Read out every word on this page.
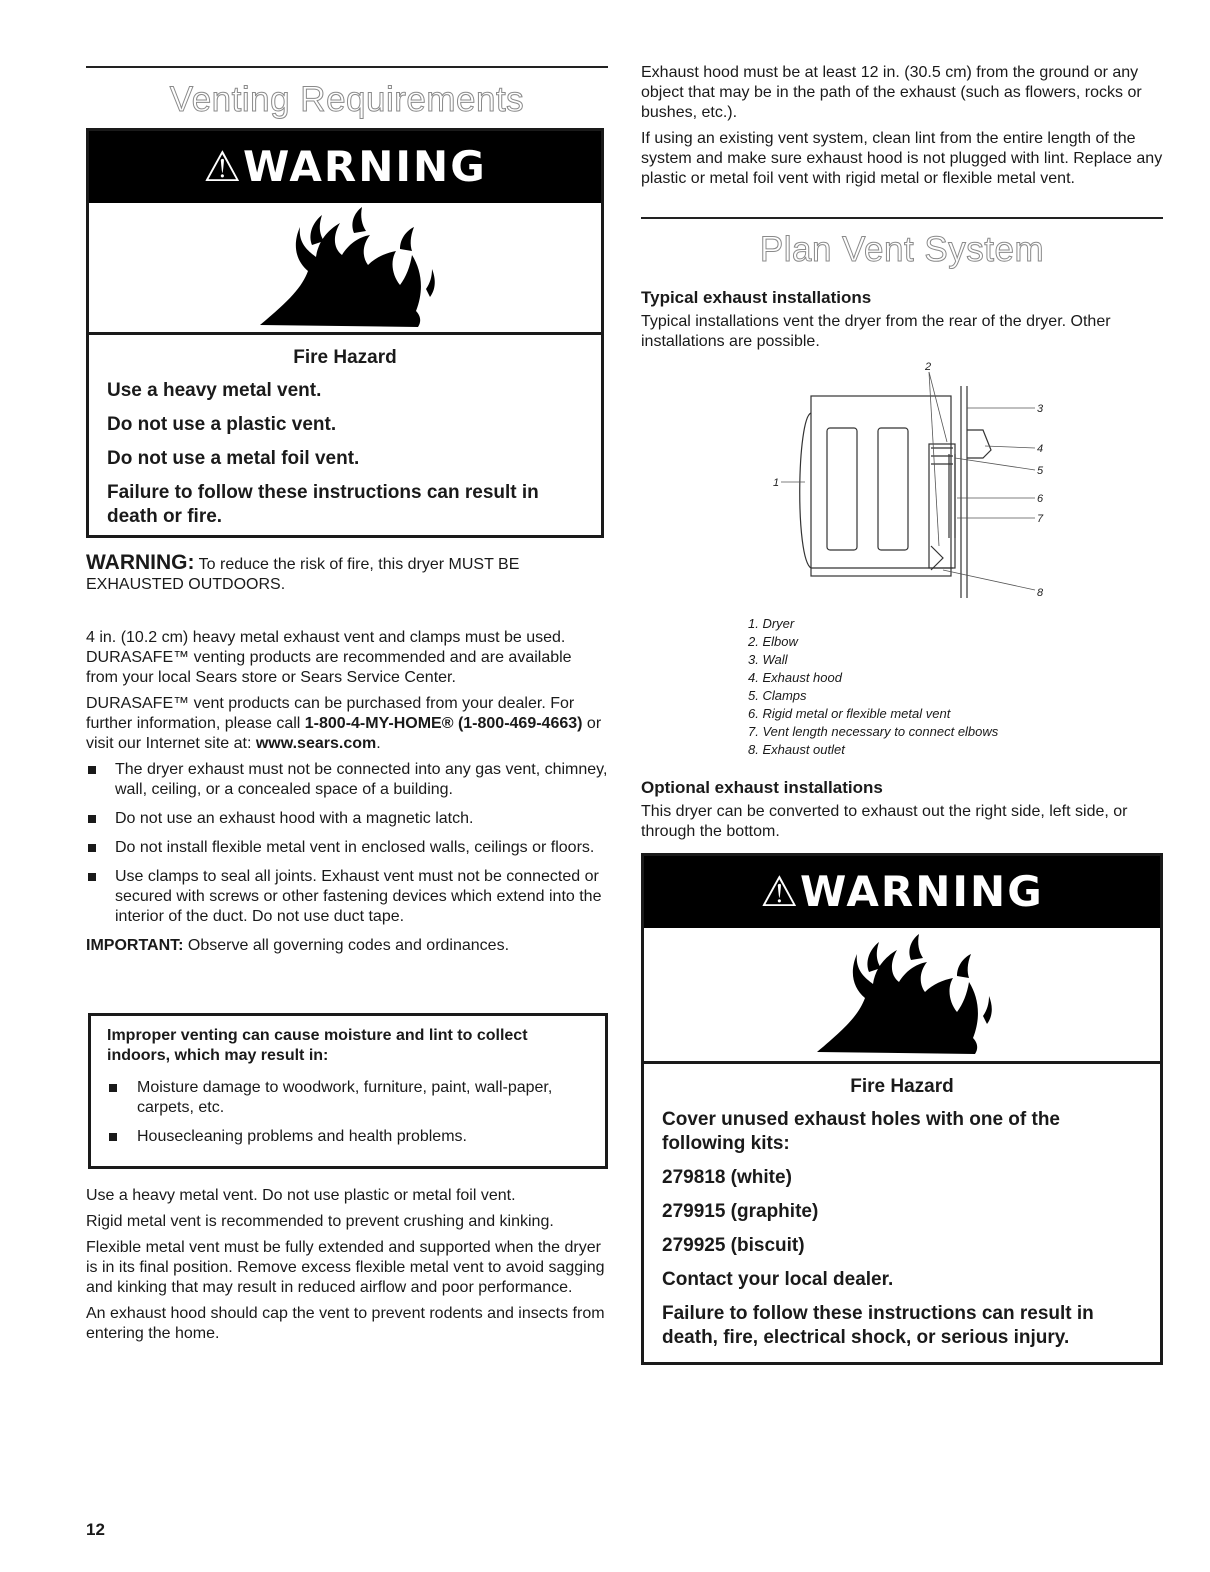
Venting Requirements
⚠WARNING
Fire Hazard

Use a heavy metal vent.

Do not use a plastic vent.

Do not use a metal foil vent.

Failure to follow these instructions can result in death or fire.

WARNING: To reduce the risk of fire, this dryer MUST BE EXHAUSTED OUTDOORS.

4 in. (10.2 cm) heavy metal exhaust vent and clamps must be used. DURASAFE™ venting products are recommended and are available from your local Sears store or Sears Service Center.

DURASAFE™ vent products can be purchased from your dealer. For further information, please call 1-800-4-MY-HOME® (1-800-469-4663) or visit our Internet site at: www.sears.com.

The dryer exhaust must not be connected into any gas vent, chimney, wall, ceiling, or a concealed space of a building.
Do not use an exhaust hood with a magnetic latch.
Do not install flexible metal vent in enclosed walls, ceilings or floors.
Use clamps to seal all joints. Exhaust vent must not be connected or secured with screws or other fastening devices which extend into the interior of the duct. Do not use duct tape.

IMPORTANT: Observe all governing codes and ordinances.

Improper venting can cause moisture and lint to collect indoors, which may result in:
Moisture damage to woodwork, furniture, paint, wall-paper, carpets, etc.
Housecleaning problems and health problems.

Use a heavy metal vent. Do not use plastic or metal foil vent.

Rigid metal vent is recommended to prevent crushing and kinking.

Flexible metal vent must be fully extended and supported when the dryer is in its final position. Remove excess flexible metal vent to avoid sagging and kinking that may result in reduced airflow and poor performance.

An exhaust hood should cap the vent to prevent rodents and insects from entering the home.

12

Exhaust hood must be at least 12 in. (30.5 cm) from the ground or any object that may be in the path of the exhaust (such as flowers, rocks or bushes, etc.).

If using an existing vent system, clean lint from the entire length of the system and make sure exhaust hood is not plugged with lint. Replace any plastic or metal foil vent with rigid metal or flexible metal vent.

Plan Vent System
Typical exhaust installations
Typical installations vent the dryer from the rear of the dryer. Other installations are possible.
1
2
3
4
5
6
7
8
1. Dryer
2. Elbow
3. Wall
4. Exhaust hood
5. Clamps
6. Rigid metal or flexible metal vent
7. Vent length necessary to connect elbows
8. Exhaust outlet
Optional exhaust installations
This dryer can be converted to exhaust out the right side, left side, or through the bottom.
⚠WARNING
Fire Hazard

Cover unused exhaust holes with one of the following kits:

279818 (white)

279915 (graphite)

279925 (biscuit)

Contact your local dealer.

Failure to follow these instructions can result in death, fire, electrical shock, or serious injury.
